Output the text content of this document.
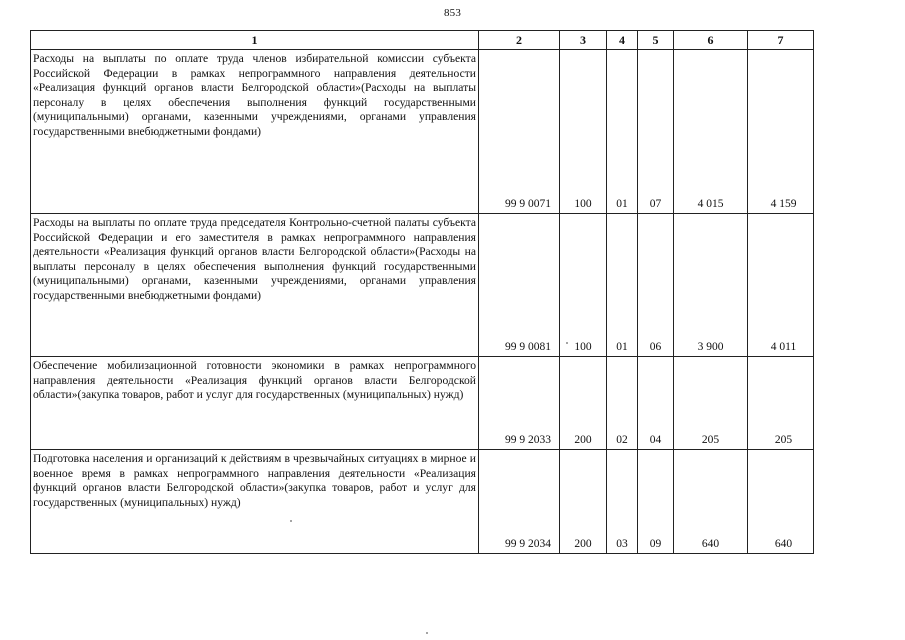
853
1	2	3	4	5	6	7
Расходы на выплаты по оплате труда членов избирательной комиссии субъекта Российской Федерации в рамках непрограммного направления деятельности «Реализация функций органов власти Белгородской области»(Расходы на выплаты персоналу в целях обеспечения выполнения функций государственными (муниципальными) органами, казенными учреждениями, органами управления государственными внебюджетными фондами)	99 9 0071	100	01	07	4 015	4 159
Расходы на выплаты по оплате труда председателя Контрольно-счетной палаты субъекта Российской Федерации и его заместителя в рамках непрограммного направления деятельности «Реализация функций органов власти Белгородской области»(Расходы на выплаты персоналу в целях обеспечения выполнения функций государственными (муниципальными) органами, казенными учреждениями, органами управления государственными внебюджетными фондами)	99 9 0081	100	01	06	3 900	4 011
Обеспечение мобилизационной готовности экономики в рамках непрограммного направления деятельности «Реализация функций органов власти Белгородской области»(закупка товаров, работ и услуг для государственных (муниципальных) нужд)	99 9 2033	200	02	04	205	205
Подготовка населения и организаций к действиям в чрезвычайных ситуациях в мирное и военное время в рамках непрограммного направления деятельности «Реализация функций органов власти Белгородской области»(закупка товаров, работ и услуг для государственных (муниципальных) нужд)	99 9 2034	200	03	09	640	640
